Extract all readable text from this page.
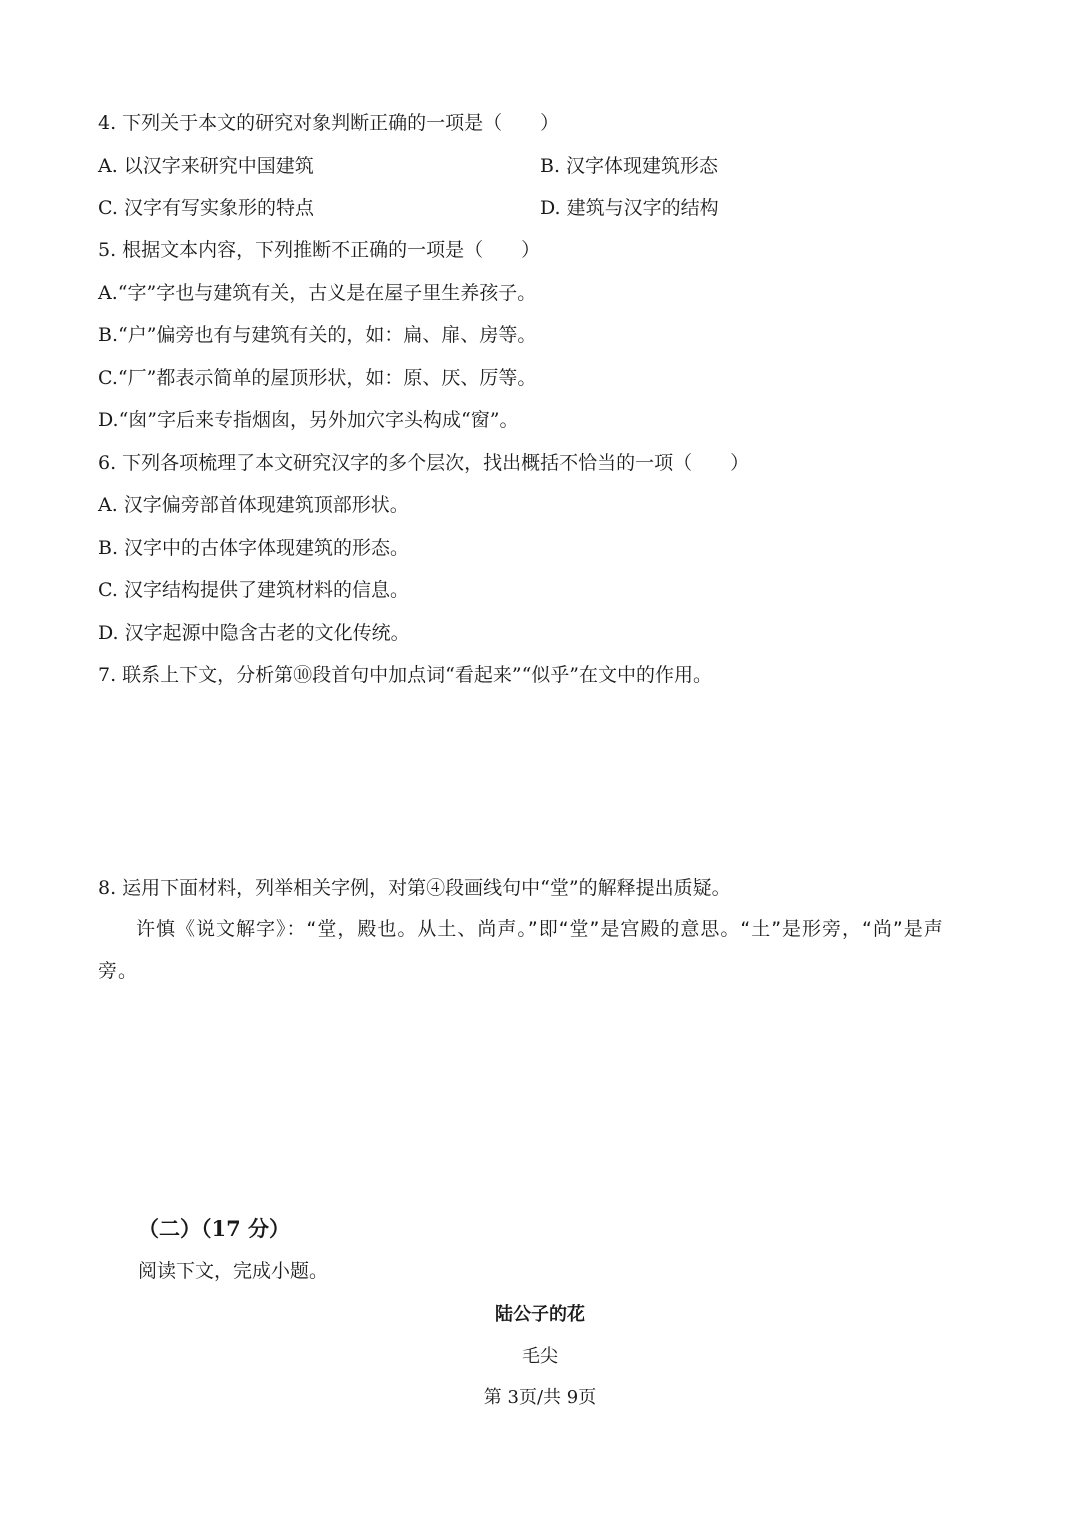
4. 下列关于本文的研究对象判断正确的一项是（　　）
A. 以汉字来研究中国建筑	B. 汉字体现建筑形态
C. 汉字有写实象形的特点	D. 建筑与汉字的结构
5. 根据文本内容，下列推断不正确的一项是（　　）
A.“字”字也与建筑有关，古义是在屋子里生养孩子。
B.“户”偏旁也有与建筑有关的，如：扁、扉、房等。
C.“厂”都表示简单的屋顶形状，如：原、厌、厉等。
D.“囱”字后来专指烟囱，另外加穴字头构成“窗”。
6. 下列各项梳理了本文研究汉字的多个层次，找出概括不恰当的一项（　　）
A. 汉字偏旁部首体现建筑顶部形状。
B. 汉字中的古体字体现建筑的形态。
C. 汉字结构提供了建筑材料的信息。
D. 汉字起源中隐含古老的文化传统。
7. 联系上下文，分析第⑩段首句中加点词“看起来”“似乎”在文中的作用。
8. 运用下面材料，列举相关字例，对第④段画线句中“堂”的解释提出质疑。
许慎《说文解字》：“堂，殿也。从土、尚声。”即“堂”是宫殿的意思。“土”是形旁，“尚”是声旁。
（二）（17 分）
阅读下文，完成小题。
陆公子的花
毛尖
第 3页/共 9页
